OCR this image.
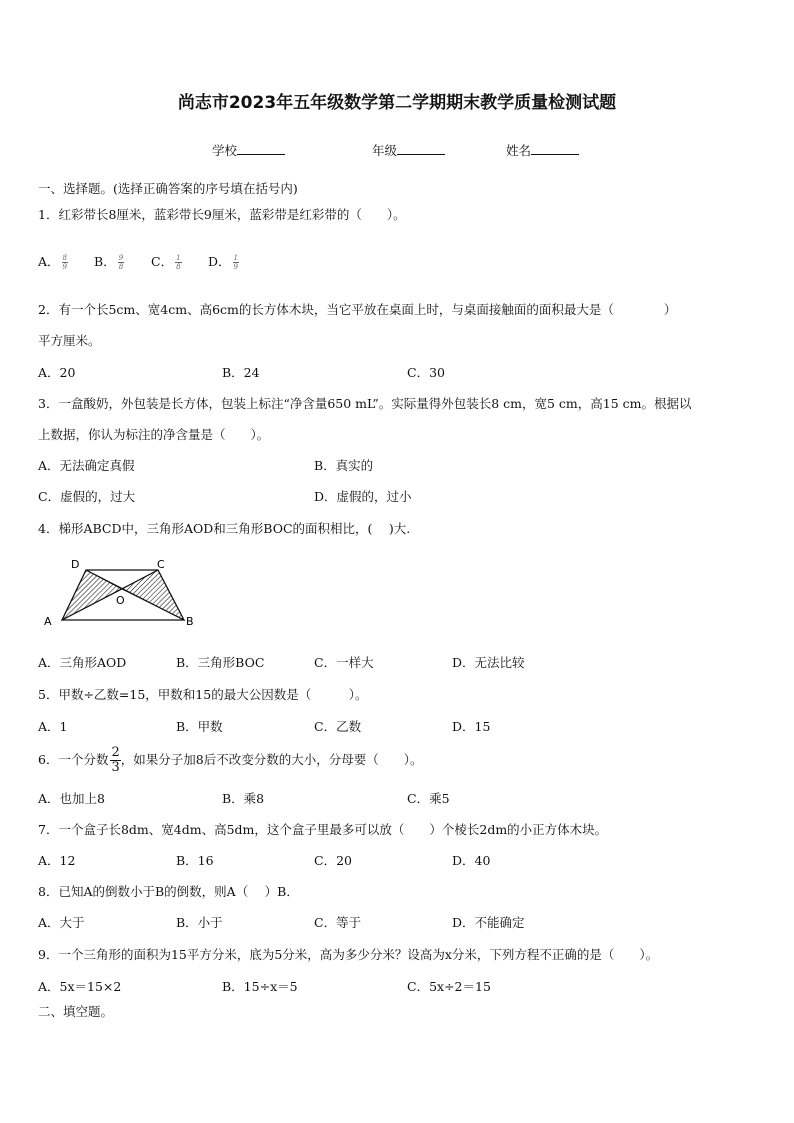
尚志市2023年五年级数学第二学期期末教学质量检测试题
学校	年级	姓名
一、选择题。(选择正确答案的序号填在括号内)
1．红彩带长8厘米，蓝彩带长9厘米，蓝彩带是红彩带的（　　）。
A． $\frac{8}{9}$ B． $\frac{9}{8}$ C． $\frac{1}{8}$ D． $\frac{1}{9}$
2．有一个长5cm、宽4cm、高6cm的长方体木块，当它平放在桌面上时，与桌面接触面的面积最大是（　　　　）
平方厘米。
A．20	B．24	C．30
3．一盒酸奶，外包装是长方体，包装上标注“净含量650 mL”。实际量得外包装长8 cm，宽5 cm，高15 cm。根据以
上数据，你认为标注的净含量是（　　）。
A．无法确定真假	B．真实的
C．虚假的，过大	D．虚假的，过小
4．梯形ABCD中，三角形AOD和三角形BOC的面积相比，(　 )大.
D	C
O
A	B
A．三角形AOD	B．三角形BOC	C．一样大	D．无法比较
5．甲数÷乙数=15，甲数和15的最大公因数是（　　　）。
A．1	B．甲数	C．乙数	D．15
6．一个分数 $\frac{2}{3}$ ，如果分子加8后不改变分数的大小，分母要（　　）。
A．也加上8	B．乘8	C．乘5
7．一个盒子长8dm、宽4dm、高5dm，这个盒子里最多可以放（　　）个棱长2dm的小正方体木块。
A．12	B．16	C．20	D．40
8．已知A的倒数小于B的倒数，则A（　 ）B．
A．大于	B．小于	C．等于	D．不能确定
9．一个三角形的面积为15平方分米，底为5分米，高为多少分米？设高为x分米，下列方程不正确的是（　　）。
A．5x＝15×2	B．15÷x＝5	C．5x÷2＝15
二、填空题。
